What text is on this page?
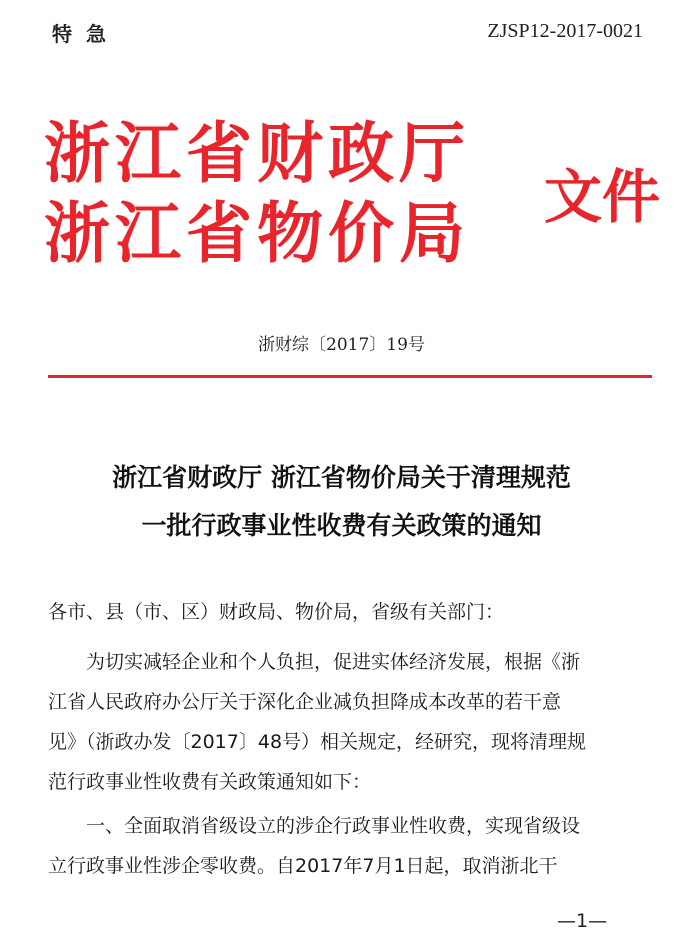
特急	ZJSP12-2017-0021
浙江省财政厅
浙江省物价局 文件
浙财综〔2017〕19号
浙江省财政厅 浙江省物价局关于清理规范
一批行政事业性收费有关政策的通知
各市、县（市、区）财政局、物价局，省级有关部门：
为切实减轻企业和个人负担，促进实体经济发展，根据《浙
江省人民政府办公厅关于深化企业减负担降成本改革的若干意
见》（浙政办发〔2017〕48号）相关规定，经研究，现将清理规
范行政事业性收费有关政策通知如下：
一、全面取消省级设立的涉企行政事业性收费，实现省级设
立行政事业性涉企零收费。自2017年7月1日起，取消浙北干
—1—
